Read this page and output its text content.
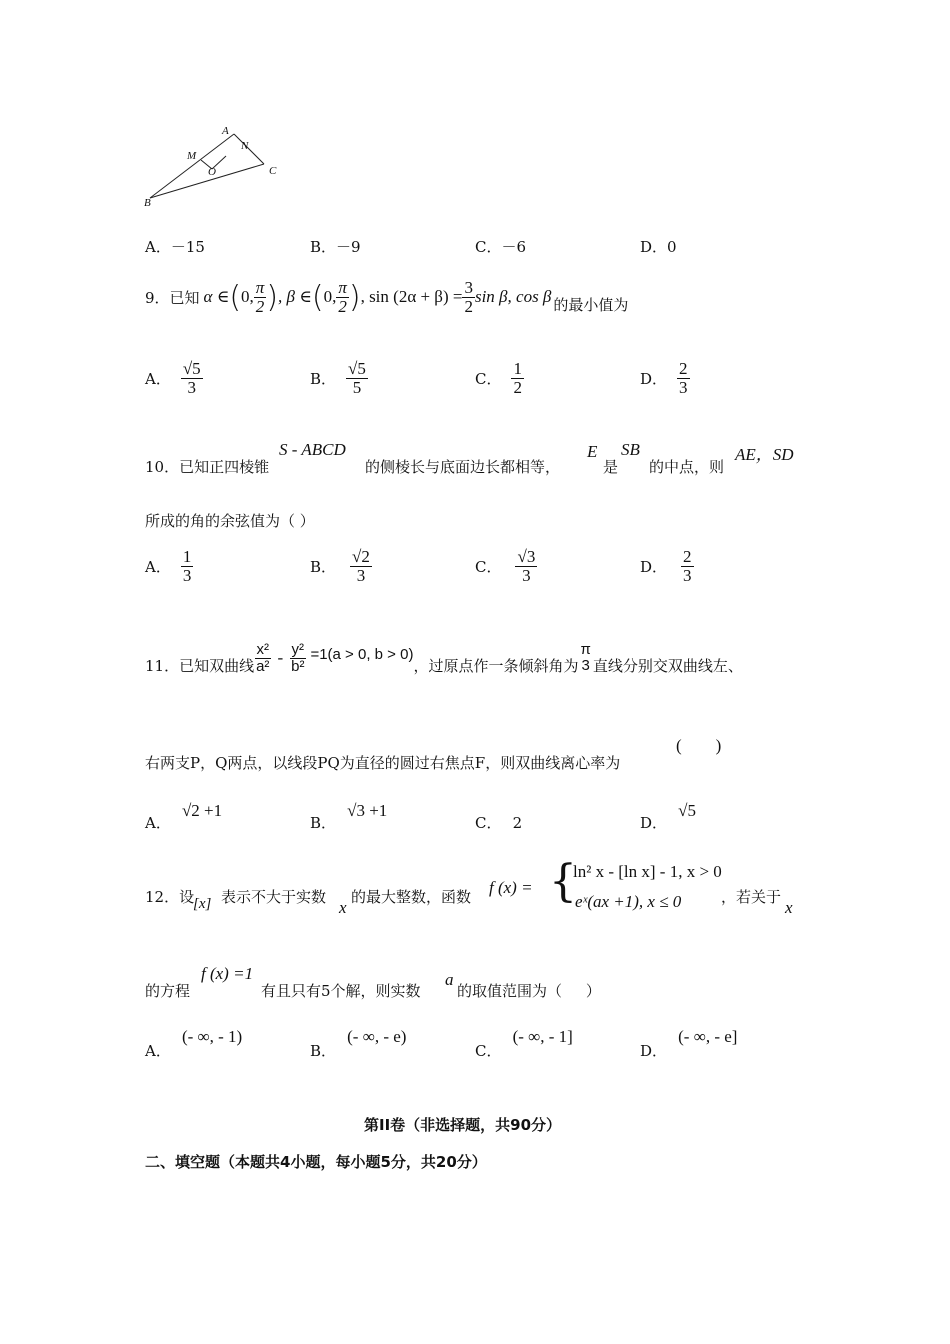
A
M
N
O	C
B
A．－15	B．－9	C．－6	D．0
9．已知 α ∈ ( 0, $\frac{\pi}{2}$ ) , β ∈ ( 0, $\frac{\pi}{2}$ ) , $\sin (2\alpha + \beta) = \frac{3}{2}$ sin β, cos β 的最小值为
A． $\frac{√5}{3}$	B． $\frac{√5}{5}$	C． $\frac{1}{2}$	D． $\frac{2}{3}$
10．已知正四棱锥
S - ABCD
的侧棱长与底面边长都相等，
E
是
SB
的中点，则
AE，SD
所成的角的余弦值为（ ）
A． $\frac{1}{3}$	B． $\frac{√2}{3}$	C． $\frac{√3}{3}$	D． $\frac{2}{3}$
11．已知双曲线 $\frac{\text{x²}}{\text{a²}} - \frac{\text{y²}}{\text{b²}} =1(a > 0$, b > 0)
，过原点作一条倾斜角为
π
3 直线分别交双曲线左、
右两支P，Q两点，以线段PQ为直径的圆过右焦点F，则双曲线离心率为
(        )
A． √2 +1
B． √3 +1
C． 2	D． √5
12．设
[x] 表示不大于实数
x
的最大整数，函数 f (x) = {
ln² x - [ln x] - 1, x > 0
eˣ(ax +1), x ≤ 0	，若关于
x
的方程
f (x) =1
有且只有5个解，则实数
a
的取值范围为（     ）
A． (- ∞, - 1)
B． (- ∞, - e)
C． (- ∞, - 1]
D． (- ∞, - e]
第II卷（非选择题，共90分）
二、填空题（本题共4小题，每小题5分，共20分）
